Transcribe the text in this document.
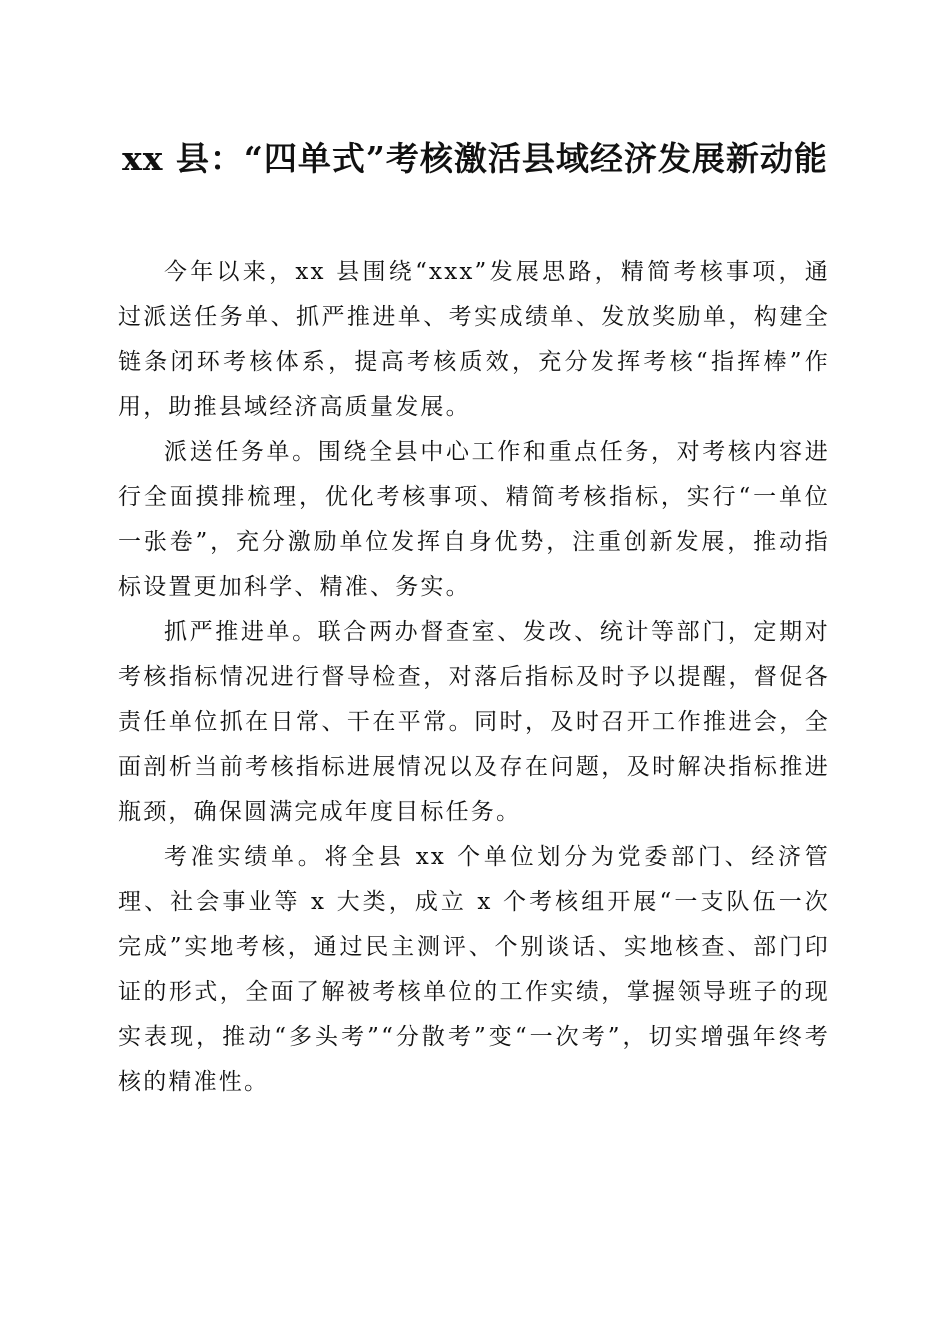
xx 县：“四单式”考核激活县域经济发展新动能

今年以来，xx 县围绕“xxx”发展思路，精简考核事项，通过派送任务单、抓严推进单、考实成绩单、发放奖励单，构建全链条闭环考核体系，提高考核质效，充分发挥考核“指挥棒”作用，助推县域经济高质量发展。

派送任务单。围绕全县中心工作和重点任务，对考核内容进行全面摸排梳理，优化考核事项、精简考核指标，实行“一单位一张卷”，充分激励单位发挥自身优势，注重创新发展，推动指标设置更加科学、精准、务实。

抓严推进单。联合两办督查室、发改、统计等部门，定期对考核指标情况进行督导检查，对落后指标及时予以提醒，督促各责任单位抓在日常、干在平常。同时，及时召开工作推进会，全面剖析当前考核指标进展情况以及存在问题，及时解决指标推进瓶颈，确保圆满完成年度目标任务。

考准实绩单。将全县 xx 个单位划分为党委部门、经济管理、社会事业等 x 大类，成立 x 个考核组开展“一支队伍一次完成”实地考核，通过民主测评、个别谈话、实地核查、部门印证的形式，全面了解被考核单位的工作实绩，掌握领导班子的现实表现，推动“多头考”“分散考”变“一次考”，切实增强年终考核的精准性。
